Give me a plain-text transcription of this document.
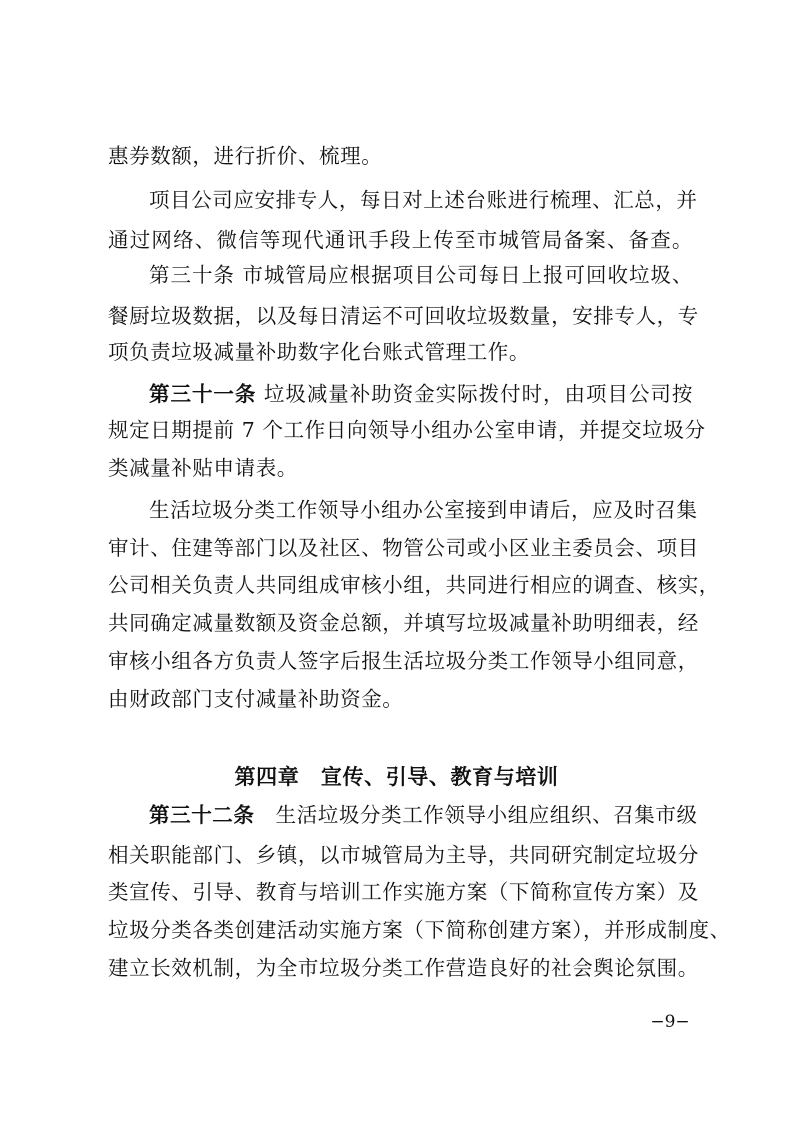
惠券数额，进行折价、梳理。
项目公司应安排专人，每日对上述台账进行梳理、汇总，并
通过网络、微信等现代通讯手段上传至市城管局备案、备查。
第三十条 市城管局应根据项目公司每日上报可回收垃圾、
餐厨垃圾数据，以及每日清运不可回收垃圾数量，安排专人，专
项负责垃圾减量补助数字化台账式管理工作。
第三十一条 垃圾减量补助资金实际拨付时，由项目公司按
规定日期提前 7 个工作日向领导小组办公室申请，并提交垃圾分
类减量补贴申请表。
生活垃圾分类工作领导小组办公室接到申请后，应及时召集
审计、住建等部门以及社区、物管公司或小区业主委员会、项目
公司相关负责人共同组成审核小组，共同进行相应的调查、核实，
共同确定减量数额及资金总额，并填写垃圾减量补助明细表，经
审核小组各方负责人签字后报生活垃圾分类工作领导小组同意，
由财政部门支付减量补助资金。
第四章　宣传、引导、教育与培训
第三十二条　生活垃圾分类工作领导小组应组织、召集市级
相关职能部门、乡镇，以市城管局为主导，共同研究制定垃圾分
类宣传、引导、教育与培训工作实施方案（下简称宣传方案）及
垃圾分类各类创建活动实施方案（下简称创建方案），并形成制度、
建立长效机制，为全市垃圾分类工作营造良好的社会舆论氛围。
−9−
